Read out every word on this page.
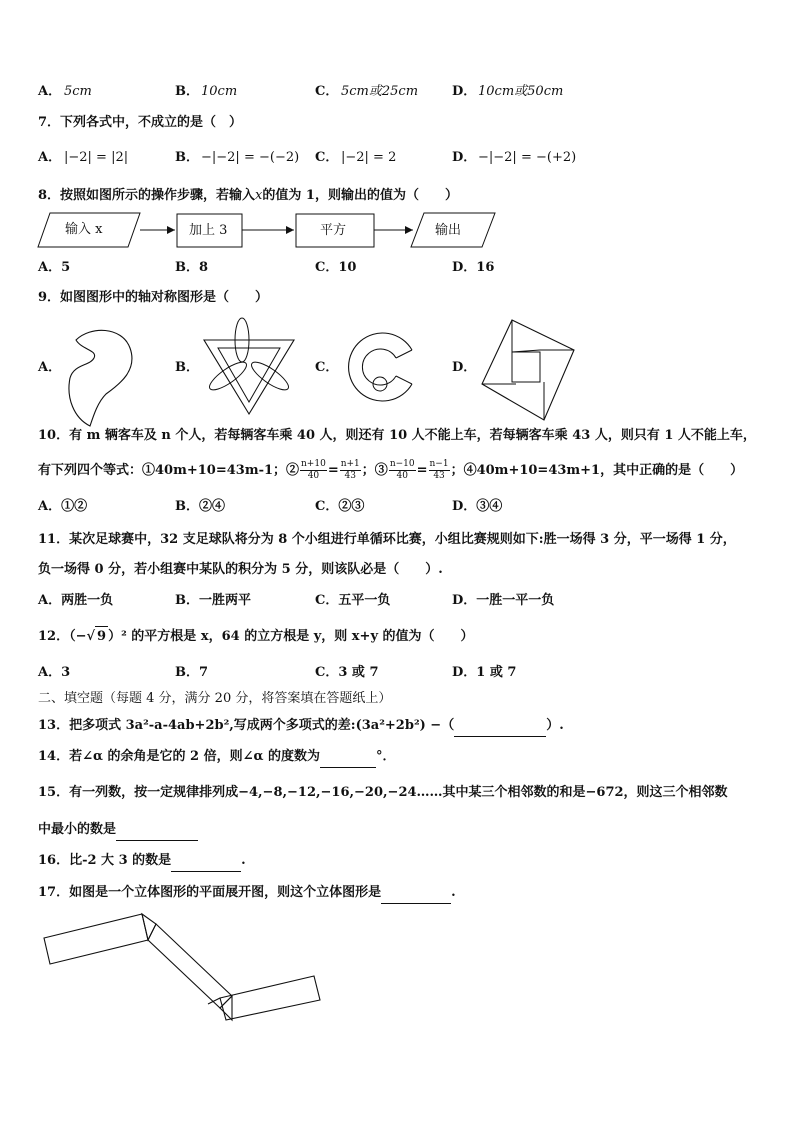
A． 5cm	B． 10cm	C． 5cm或25cm	D． 10cm或50cm
7．下列各式中，不成立的是（　）
A． |−2| = |2|	B． −|−2| = −(−2) C． |−2| = 2	D． −|−2| = −(+2)
8．按照如图所示的操作步骤，若输入x的值为 1，则输出的值为（　　）
输入 x	加上 3	平方	输出
A．5	B．8	C．10	D．16
9．如图图形中的轴对称图形是（　　）
A．	B．	C．	D．
10．有 m 辆客车及 n 个人，若每辆客车乘 40 人，则还有 10 人不能上车，若每辆客车乘 43 人，则只有 1 人不能上车，
有下列四个等式：①40m+10=43m-1；② $\frac{n+10}{40} = \frac{n+1}{43}$ ；③ $\frac{n-10}{40} = \frac{n-1}{43}$ ；④40m+10=43m+1，其中正确的是（　　）
A．①②	B．②④	C．②③	D．③④
11．某次足球赛中，32 支足球队将分为 8 个小组进行单循环比赛，小组比赛规则如下:胜一场得 3 分，平一场得 1 分，
负一场得 0 分，若小组赛中某队的积分为 5 分，则该队必是（　　）.
A．两胜一负	B．一胜两平	C．五平一负	D．一胜一平一负
12．（−√ 9 ）² 的平方根是 x，64 的立方根是 y，则 x+y 的值为（　　）
A．3	B．7	C．3 或 7	D．1 或 7
二、填空题（每题 4 分，满分 20 分，将答案填在答题纸上）
13．把多项式 3a²-a-4ab+2b²,写成两个多项式的差:(3a²+2b²) −（	）.
14．若∠α 的余角是它的 2 倍，则∠α 的度数为	°．
15．有一列数，按一定规律排列成−4,−8,−12,−16,−20,−24……其中某三个相邻数的和是−672，则这三个相邻数
中最小的数是
16．比-2 大 3 的数是	.
17．如图是一个立体图形的平面展开图，则这个立体图形是	.
